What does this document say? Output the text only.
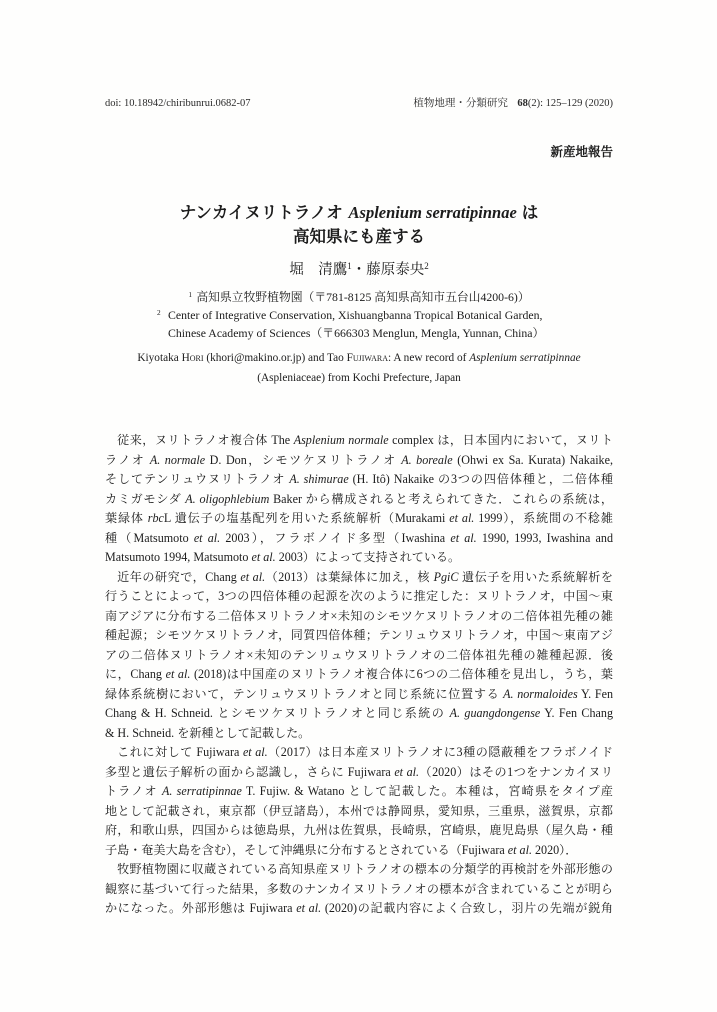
doi: 10.18942/chiribunrui.0682-07	植物地理・分類研究 68(2): 125–129 (2020)
新産地報告
ナンカイヌリトラノオ Asplenium serratipinnae は
高知県にも産する
堀　清鷹$^1$・藤原泰央$^2$
$^1$ 高知県立牧野植物園（〒781-8125 高知県高知市五台山4200-6)）
$^2$ Center of Integrative Conservation, Xishuangbanna Tropical Botanical Garden,
Chinese Academy of Sciences（〒666303 Menglun, Mengla, Yunnan, China）
Kiyotaka Hori (khori@makino.or.jp) and Tao Fujiwara: A new record of Asplenium serratipinnae
(Aspleniaceae) from Kochi Prefecture, Japan
従来，ヌリトラノオ複合体 The Asplenium normale complex は，日本国内において，ヌリト
ラノオ A. normale D. Don，シモツケヌリトラノオ A. boreale (Ohwi ex Sa. Kurata) Nakaike,
そしてテンリュウヌリトラノオ A. shimurae (H. Itô) Nakaike の3つの四倍体種と，二倍体種
カミガモシダ A. oligophlebium Baker から構成されると考えられてきた．これらの系統は，
葉緑体 rbcL 遺伝子の塩基配列を用いた系統解析（Murakami et al. 1999），系統間の不稔雑
種（Matsumoto et al. 2003），フラボノイド多型（Iwashina et al. 1990, 1993, Iwashina and
Matsumoto 1994, Matsumoto et al. 2003）によって支持されている。
近年の研究で，Chang et al.（2013）は葉緑体に加え，核 PgiC 遺伝子を用いた系統解析を
行うことによって，3つの四倍体種の起源を次のように推定した：ヌリトラノオ，中国〜東
南アジアに分布する二倍体ヌリトラノオ×未知のシモツケヌリトラノオの二倍体祖先種の雑
種起源；シモツケヌリトラノオ，同質四倍体種；テンリュウヌリトラノオ，中国〜東南アジ
アの二倍体ヌリトラノオ×未知のテンリュウヌリトラノオの二倍体祖先種の雑種起源．後
に，Chang et al. (2018)は中国産のヌリトラノオ複合体に6つの二倍体種を見出し，うち，葉
緑体系統樹において，テンリュウヌリトラノオと同じ系統に位置する A. normaloides Y. Fen
Chang & H. Schneid. とシモツケヌリトラノオと同じ系統の A. guangdongense Y. Fen Chang
& H. Schneid. を新種として記載した。
これに対して Fujiwara et al.（2017）は日本産ヌリトラノオに3種の隠蔽種をフラボノイド
多型と遺伝子解析の面から認識し，さらに Fujiwara et al.（2020）はその1つをナンカイヌリ
トラノオ A. serratipinnae T. Fujiw. & Watano として記載した。本種は，宮崎県をタイプ産
地として記載され，東京都（伊豆諸島），本州では静岡県，愛知県，三重県，滋賀県，京都
府，和歌山県，四国からは徳島県，九州は佐賀県，長崎県，宮崎県，鹿児島県（屋久島・種
子島・奄美大島を含む），そして沖縄県に分布するとされている（Fujiwara et al. 2020）．
牧野植物園に収蔵されている高知県産ヌリトラノオの標本の分類学的再検討を外部形態の
観察に基づいて行った結果，多数のナンカイヌリトラノオの標本が含まれていることが明ら
かになった。外部形態は Fujiwara et al. (2020)の記載内容によく合致し，羽片の先端が鋭角
